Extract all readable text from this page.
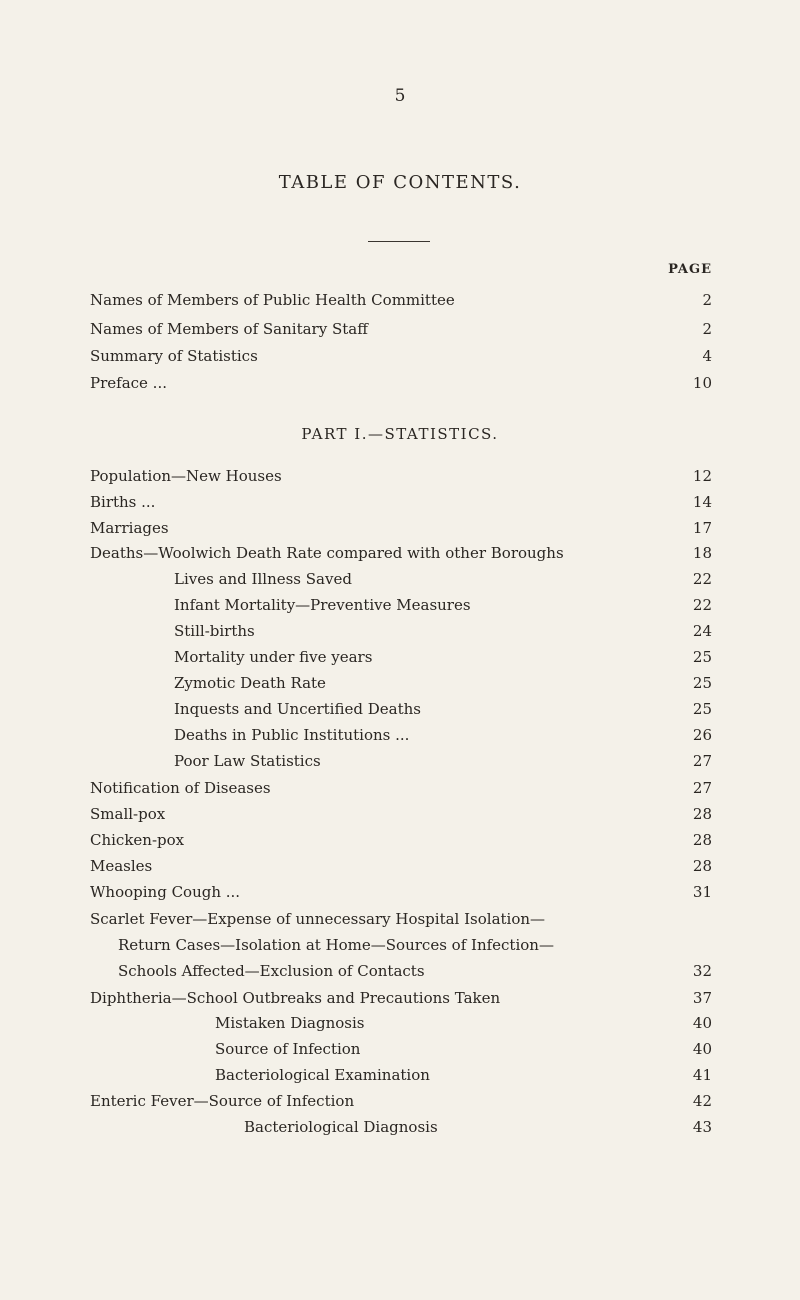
5
TABLE OF CONTENTS.
PAGE
Names of Members of Public Health Committee	2
Names of Members of Sanitary Staff	2
Summary of Statistics	4
Preface ...	10
PART I.—STATISTICS.
Population—New Houses	12
Births ...	14
Marriages	17
Deaths—Woolwich Death Rate compared with other Boroughs	18
Lives and Illness Saved	22
Infant Mortality—Preventive Measures	22
Still-births	24
Mortality under five years	25
Zymotic Death Rate	25
Inquests and Uncertified Deaths	25
Deaths in Public Institutions ...	26
Poor Law Statistics	27
Notification of Diseases	27
Small-pox	28
Chicken-pox	28
Measles	28
Whooping Cough ...	31
Scarlet Fever—Expense of unnecessary Hospital Isolation—
Return Cases—Isolation at Home—Sources of Infection—
Schools Affected—Exclusion of Contacts	32
Diphtheria—School Outbreaks and Precautions Taken	37
Mistaken Diagnosis	40
Source of Infection	40
Bacteriological Examination	41
Enteric Fever—Source of Infection	42
Bacteriological Diagnosis	43
